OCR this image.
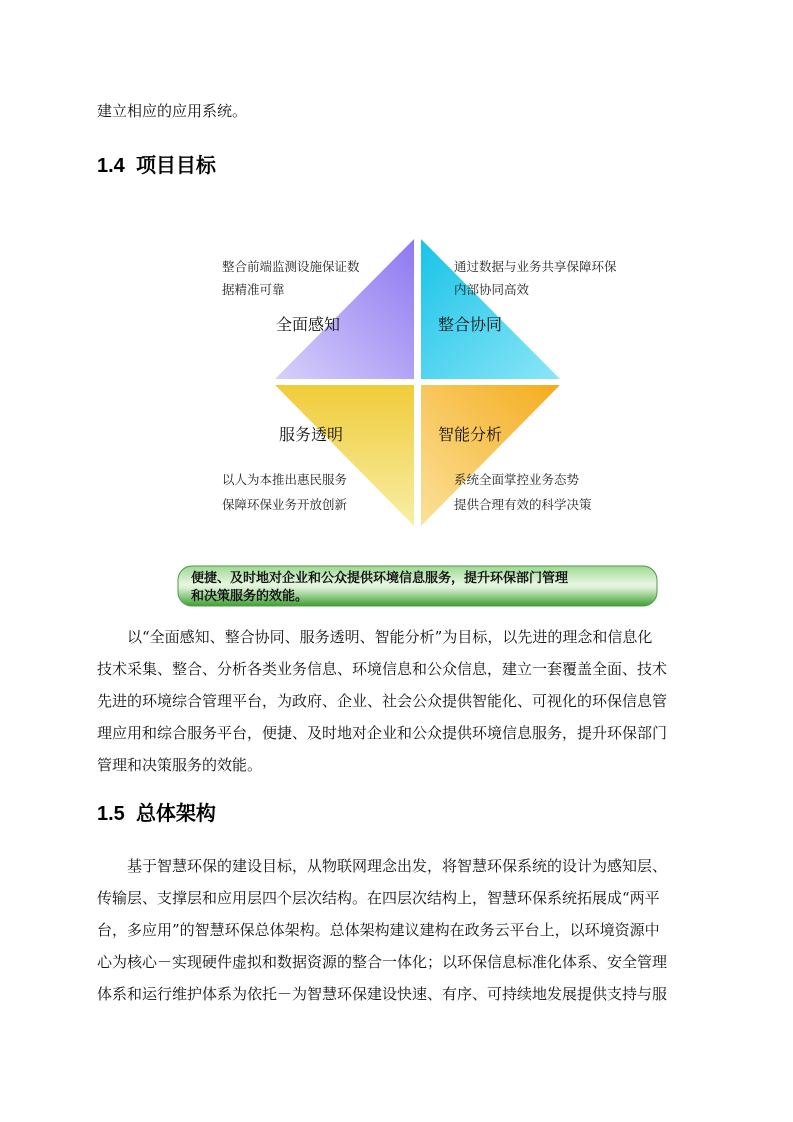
建立相应的应用系统。
1.4 项目目标
整合前端监测设施保证数
据精准可靠
通过数据与业务共享保障环保
内部协同高效
以人为本推出惠民服务
保障环保业务开放创新
系统全面掌控业务态势
提供合理有效的科学决策
全面感知	整合协同
服务透明	智能分析
便捷、及时地对企业和公众提供环境信息服务，提升环保部门管理
和决策服务的效能。
以“全面感知、整合协同、服务透明、智能分析”为目标，以先进的理念和信息化
技术采集、整合、分析各类业务信息、环境信息和公众信息，建立一套覆盖全面、技术
先进的环境综合管理平台，为政府、企业、社会公众提供智能化、可视化的环保信息管
理应用和综合服务平台，便捷、及时地对企业和公众提供环境信息服务，提升环保部门
管理和决策服务的效能。
1.5 总体架构
基于智慧环保的建设目标，从物联网理念出发，将智慧环保系统的设计为感知层、
传输层、支撑层和应用层四个层次结构。在四层次结构上，智慧环保系统拓展成“两平
台，多应用”的智慧环保总体架构。总体架构建议建构在政务云平台上，以环境资源中
心为核心－实现硬件虚拟和数据资源的整合一体化；以环保信息标准化体系、安全管理
体系和运行维护体系为依托－为智慧环保建设快速、有序、可持续地发展提供支持与服
